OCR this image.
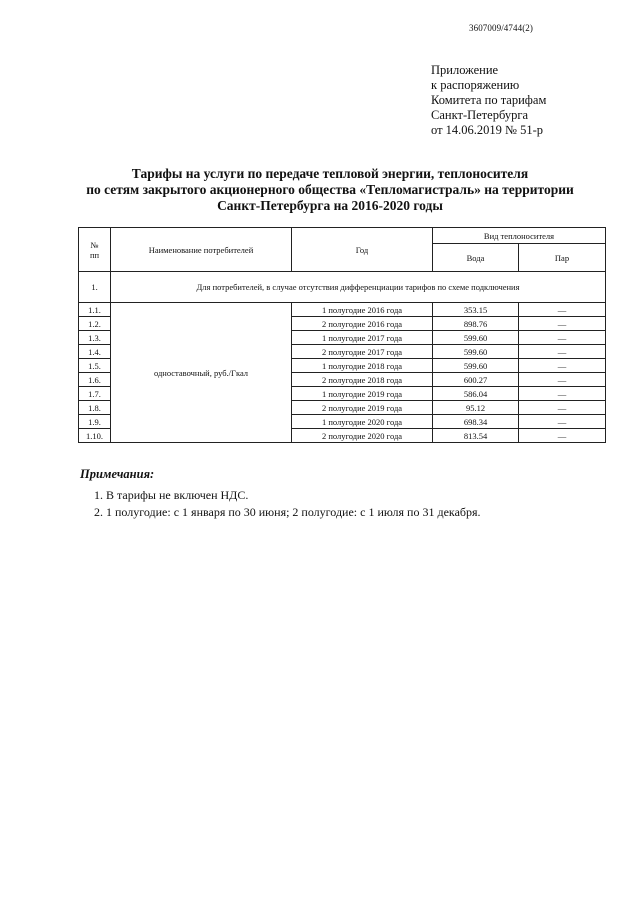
3607009/4744(2)
Приложение
к распоряжению
Комитета по тарифам
Санкт-Петербурга
от 14.06.2019 № 51-р
Тарифы на услуги по передаче тепловой энергии, теплоносителя
по сетям закрытого акционерного общества «Тепломагистраль» на территории
Санкт-Петербурга на 2016-2020 годы
№
пп	Наименование потребителей	Год	Вид теплоносителя	
			Вода	Пар
1.	Для потребителей, в случае отсутствия дифференциации тарифов по схеме подключения			
1.1.	одноставочный, руб./Гкал	1 полугодие 2016 года	353.15	—
1.2.		2 полугодие 2016 года	898.76	—
1.3.		1 полугодие 2017 года	599.60	—
1.4.		2 полугодие 2017 года	599.60	—
1.5.		1 полугодие 2018 года	599.60	—
1.6.		2 полугодие 2018 года	600.27	—
1.7.		1 полугодие 2019 года	586.04	—
1.8.		2 полугодие 2019 года	95.12	—
1.9.		1 полугодие 2020 года	698.34	—
1.10.		2 полугодие 2020 года	813.54	—
Примечания:
1. В тарифы не включен НДС.
2. 1 полугодие: с 1 января по 30 июня; 2 полугодие: с 1 июля по 31 декабря.
